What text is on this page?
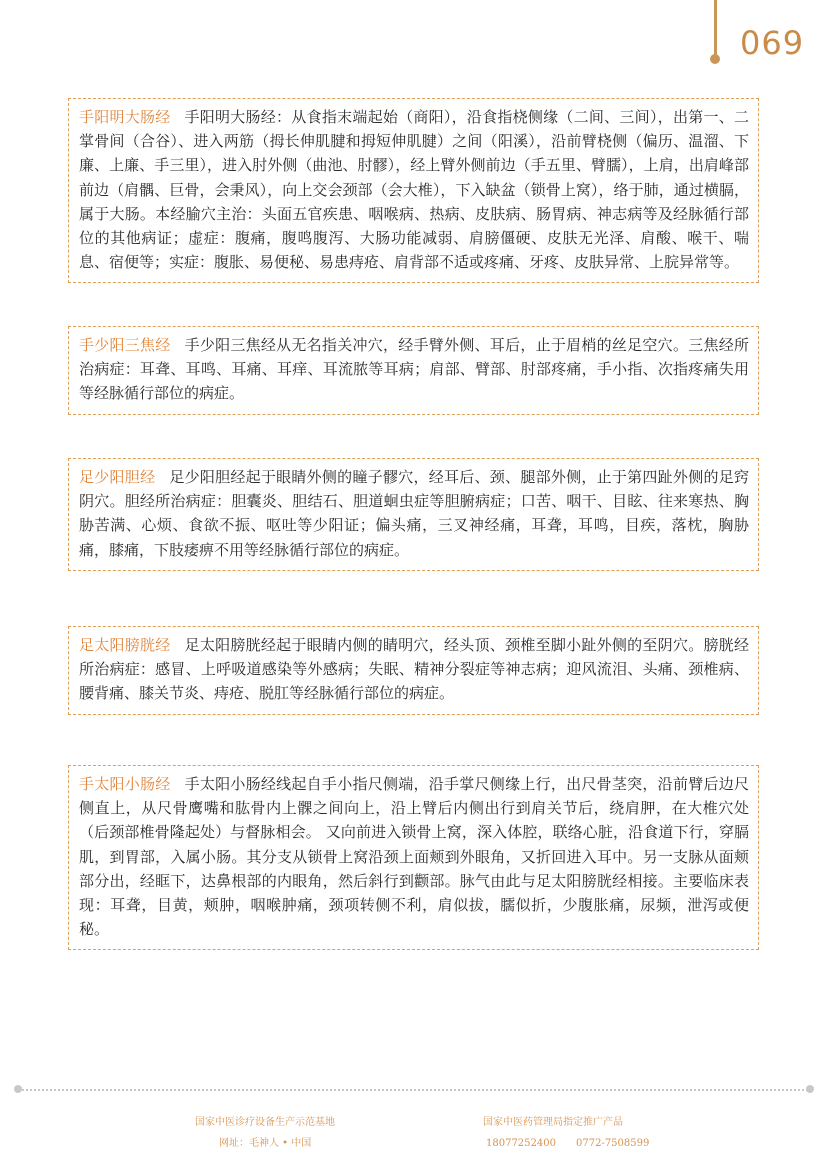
069
手阳明大肠经 手阳明大肠经：从食指末端起始（商阳），沿食指桡侧缘（二间、三间），出第一、二掌骨间（合谷）、进入两筋（拇长伸肌腱和拇短伸肌腱）之间（阳溪），沿前臂桡侧（偏历、温溜、下廉、上廉、手三里），进入肘外侧（曲池、肘髎），经上臂外侧前边（手五里、臂臑），上肩，出肩峰部前边（肩髃、巨骨，会秉风），向上交会颈部（会大椎），下入缺盆（锁骨上窝），络于肺，通过横膈，属于大肠。本经腧穴主治：头面五官疾患、咽喉病、热病、皮肤病、肠胃病、神志病等及经脉循行部位的其他病证；虚症：腹痛，腹鸣腹泻、大肠功能减弱、肩膀僵硬、皮肤无光泽、肩酸、喉干、喘息、宿便等；实症：腹胀、易便秘、易患痔疮、肩背部不适或疼痛、牙疼、皮肤异常、上脘异常等。
手少阳三焦经 手少阳三焦经从无名指关冲穴，经手臂外侧、耳后，止于眉梢的丝足空穴。三焦经所治病症：耳聋、耳鸣、耳痛、耳痒、耳流脓等耳病；肩部、臂部、肘部疼痛，手小指、次指疼痛失用等经脉循行部位的病症。
足少阳胆经 足少阳胆经起于眼睛外侧的瞳子髎穴，经耳后、颈、腿部外侧，止于第四趾外侧的足窍阴穴。胆经所治病症：胆囊炎、胆结石、胆道蛔虫症等胆腑病症；口苦、咽干、目眩、往来寒热、胸胁苦满、心烦、食欲不振、呕吐等少阳证；偏头痛，三叉神经痛，耳聋，耳鸣，目疾，落枕，胸胁痛，膝痛，下肢痿痹不用等经脉循行部位的病症。
足太阳膀胱经 足太阳膀胱经起于眼睛内侧的睛明穴，经头顶、颈椎至脚小趾外侧的至阴穴。膀胱经所治病症：感冒、上呼吸道感染等外感病；失眠、精神分裂症等神志病；迎风流泪、头痛、颈椎病、腰背痛、膝关节炎、痔疮、脱肛等经脉循行部位的病症。
手太阳小肠经 手太阳小肠经线起自手小指尺侧端，沿手掌尺侧缘上行，出尺骨茎突，沿前臂后边尺侧直上，从尺骨鹰嘴和肱骨内上髁之间向上，沿上臂后内侧出行到肩关节后，绕肩胛，在大椎穴处（后颈部椎骨隆起处）与督脉相会。 又向前进入锁骨上窝，深入体腔，联络心脏，沿食道下行，穿膈肌，到胃部，入属小肠。其分支从锁骨上窝沿颈上面颊到外眼角，又折回进入耳中。另一支脉从面颊部分出，经眶下，达鼻根部的内眼角，然后斜行到颧部。脉气由此与足太阳膀胱经相接。主要临床表现：耳聋，目黄，颊肿，咽喉肿痛，颈项转侧不利，肩似拔，臑似折，少腹胀痛，尿频，泄泻或便秘。
国家中医诊疗设备生产示范基地
网址：毛神人 • 中国
国家中医药管理局指定推广产品
18077252400　　0772-7508599
